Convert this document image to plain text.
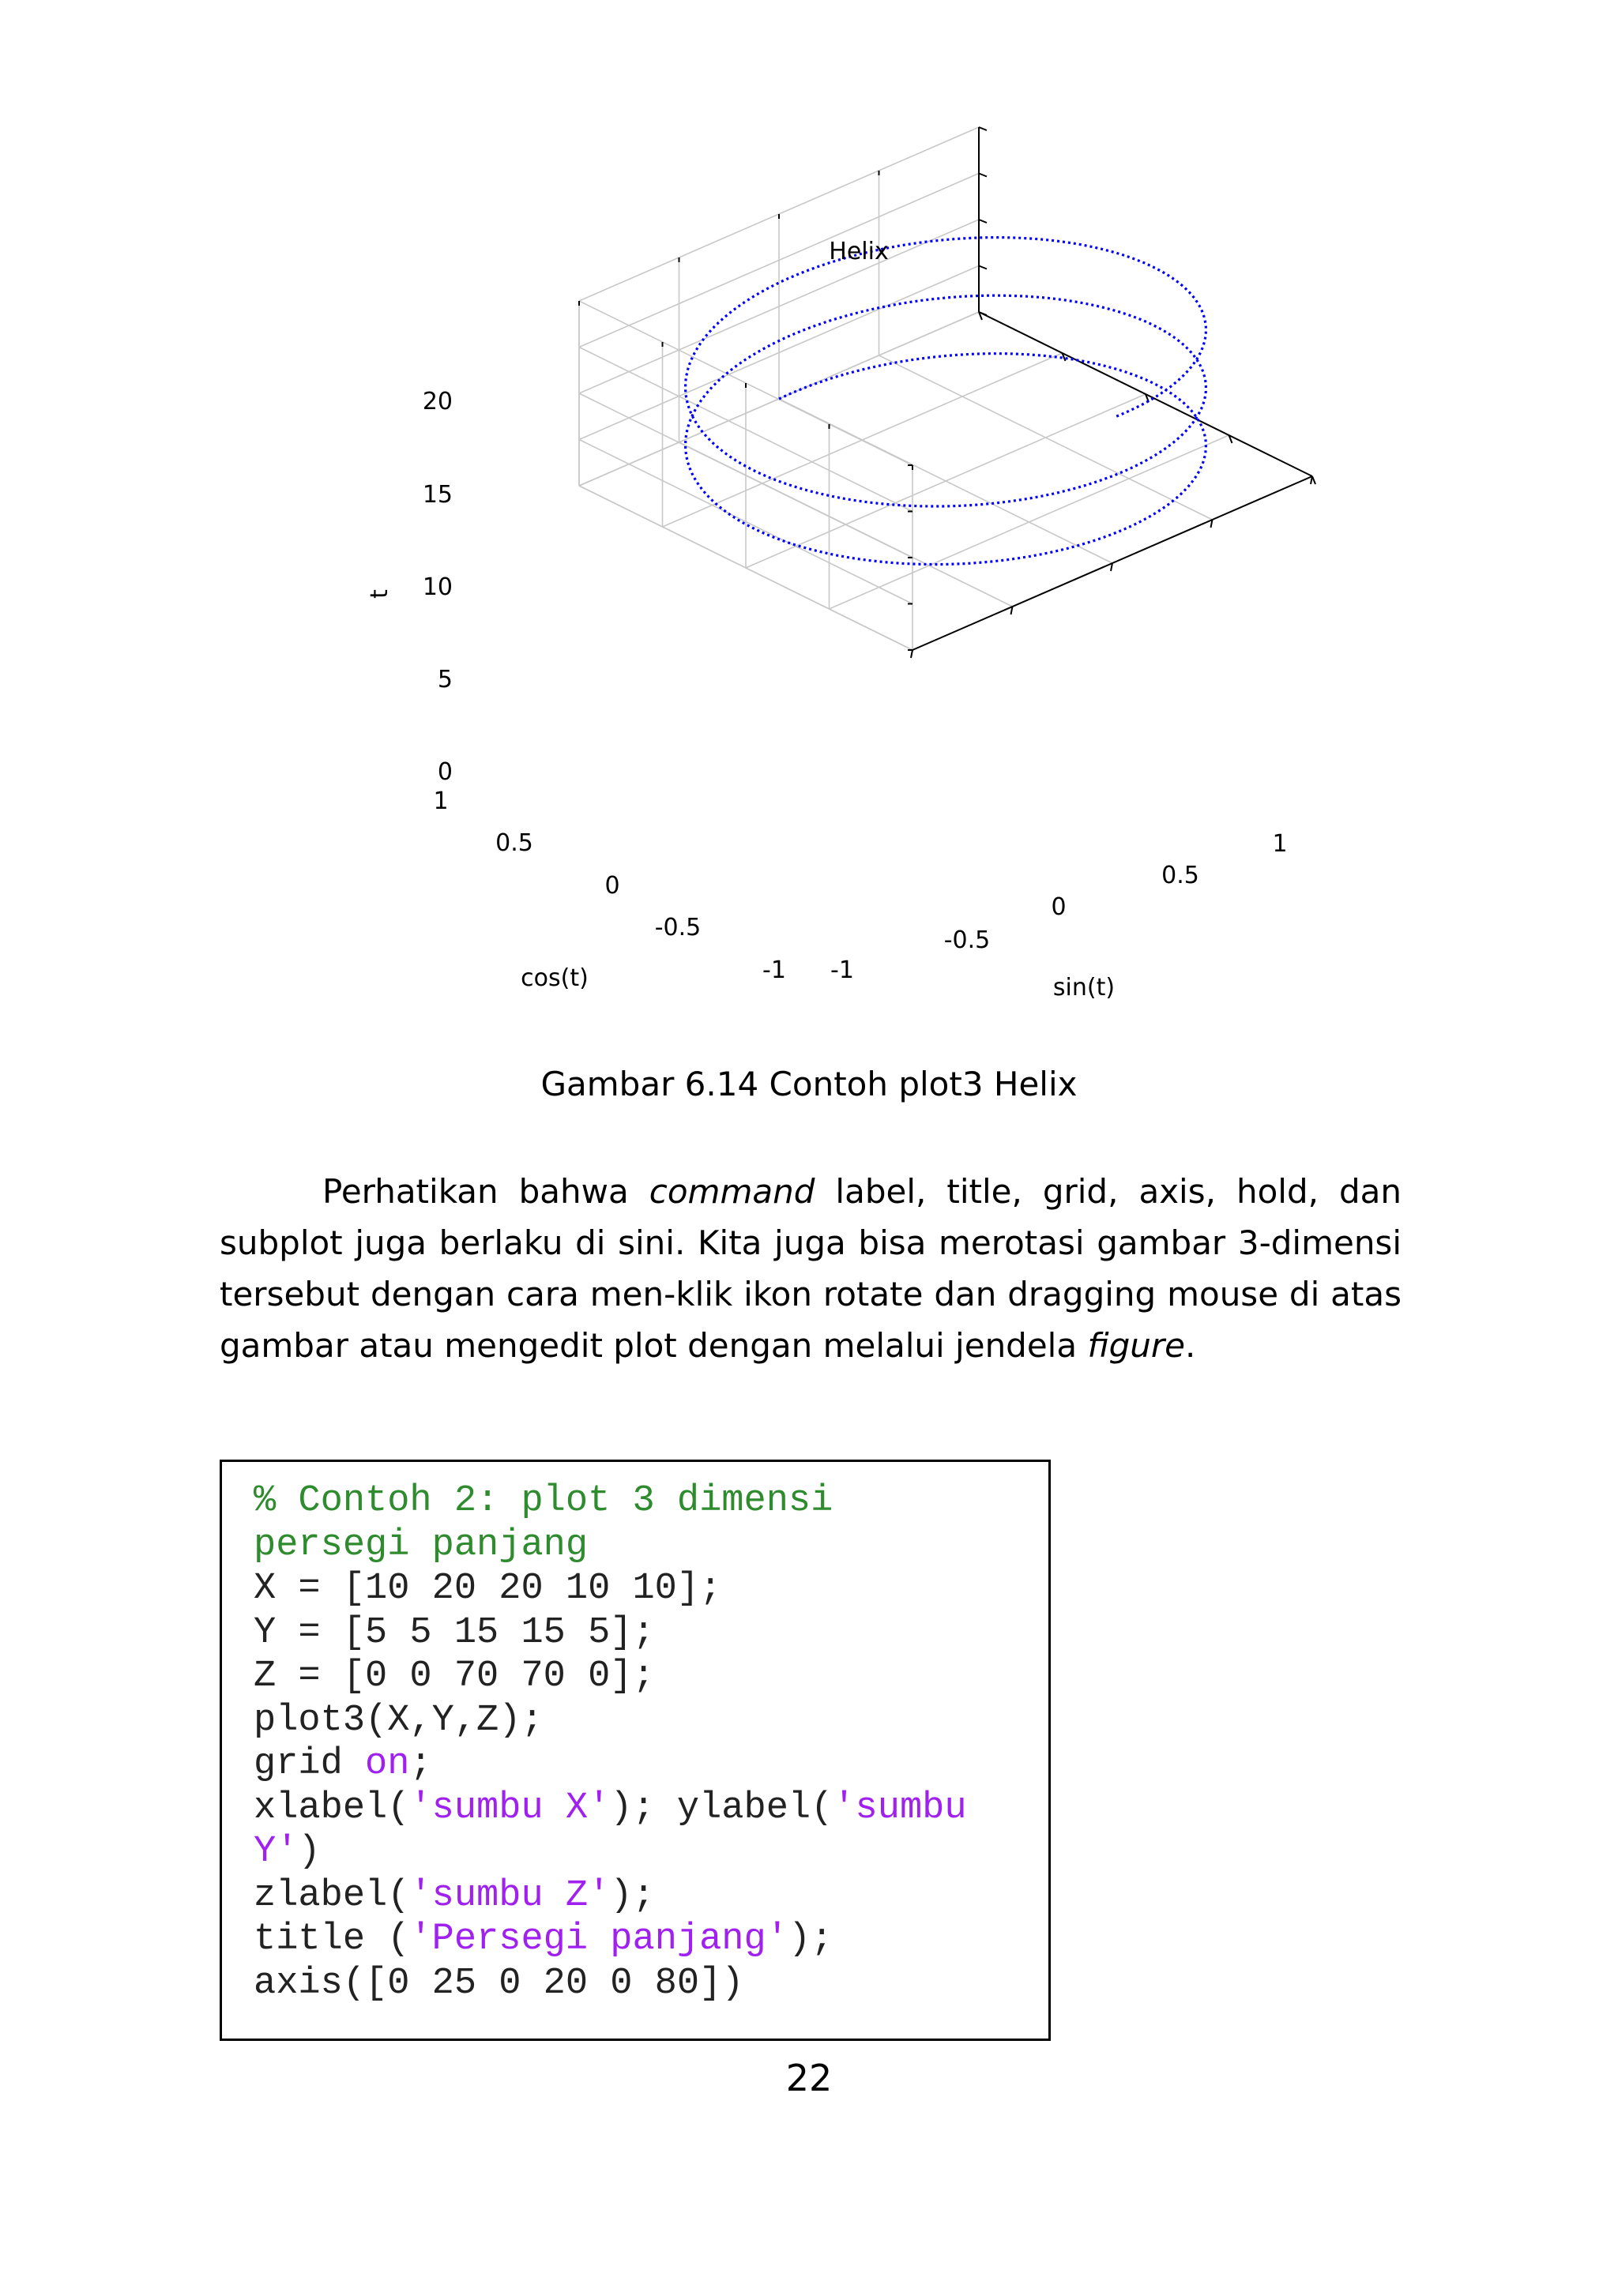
Helix
t
cos(t)	sin(t)
0
5
10
15
20
1
0.5
0
-0.5
-1 -1
-0.5
0
0.5
1
Gambar 6.14 Contoh plot3 Helix
Perhatikan bahwa command label, title, grid, axis, hold, dan subplot juga berlaku di sini. Kita juga bisa merotasi gambar 3-dimensi tersebut dengan cara men-klik ikon rotate dan dragging mouse di atas gambar atau mengedit plot dengan melalui jendela figure.
% Contoh 2: plot 3 dimensi
persegi panjang
X = [10 20 20 10 10];
Y = [5 5 15 15 5];
Z = [0 0 70 70 0];
plot3(X,Y,Z);
grid on;
xlabel('sumbu X'); ylabel('sumbu
Y')
zlabel('sumbu Z');
title ('Persegi panjang');
axis([0 25 0 20 0 80])
22
